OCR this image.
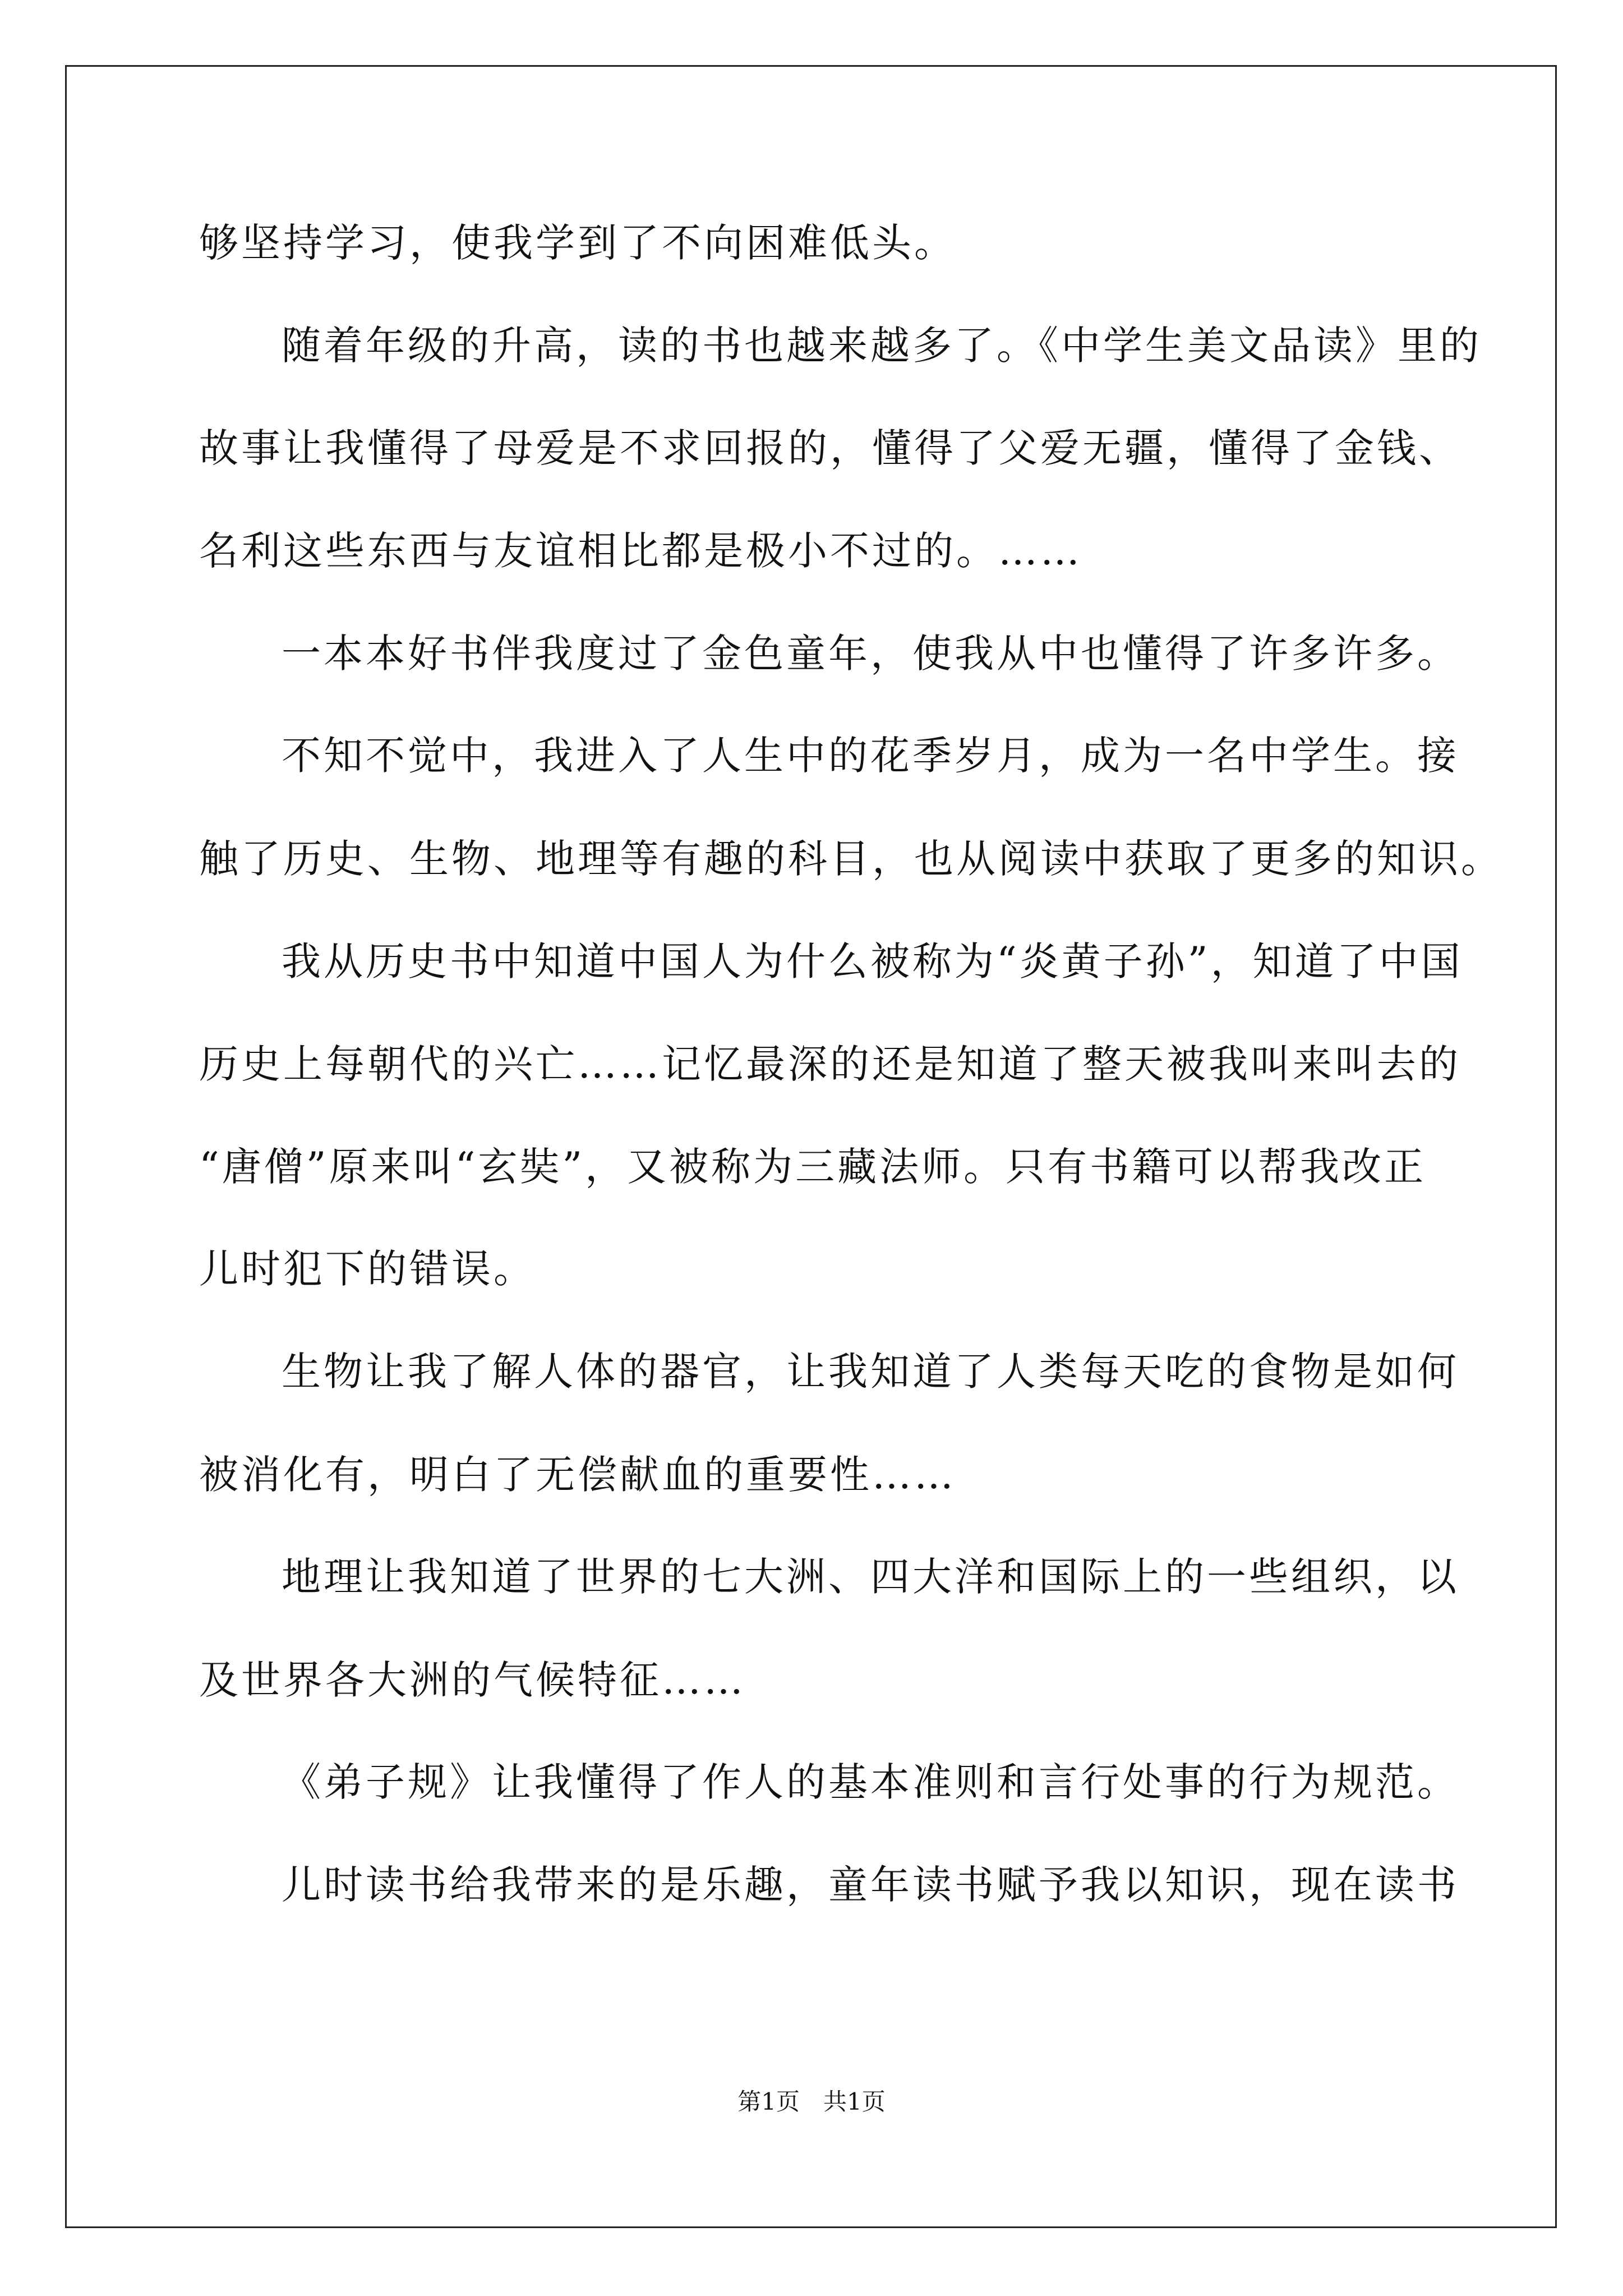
够坚持学习，使我学到了不向困难低头。
随着年级的升高，读的书也越来越多了。《中学生美文品读》里的
故事让我懂得了母爱是不求回报的，懂得了父爱无疆，懂得了金钱、
名利这些东西与友谊相比都是极小不过的。……
一本本好书伴我度过了金色童年，使我从中也懂得了许多许多。
不知不觉中，我进入了人生中的花季岁月，成为一名中学生。接
触了历史、生物、地理等有趣的科目，也从阅读中获取了更多的知识。
我从历史书中知道中国人为什么被称为“炎黄子孙”，知道了中国
历史上每朝代的兴亡……记忆最深的还是知道了整天被我叫来叫去的
“唐僧”原来叫“玄奘”，又被称为三藏法师。只有书籍可以帮我改正
儿时犯下的错误。
生物让我了解人体的器官，让我知道了人类每天吃的食物是如何
被消化有，明白了无偿献血的重要性……
地理让我知道了世界的七大洲、四大洋和国际上的一些组织，以
及世界各大洲的气候特征……
《弟子规》让我懂得了作人的基本准则和言行处事的行为规范。
儿时读书给我带来的是乐趣，童年读书赋予我以知识，现在读书
第1页　共1页
